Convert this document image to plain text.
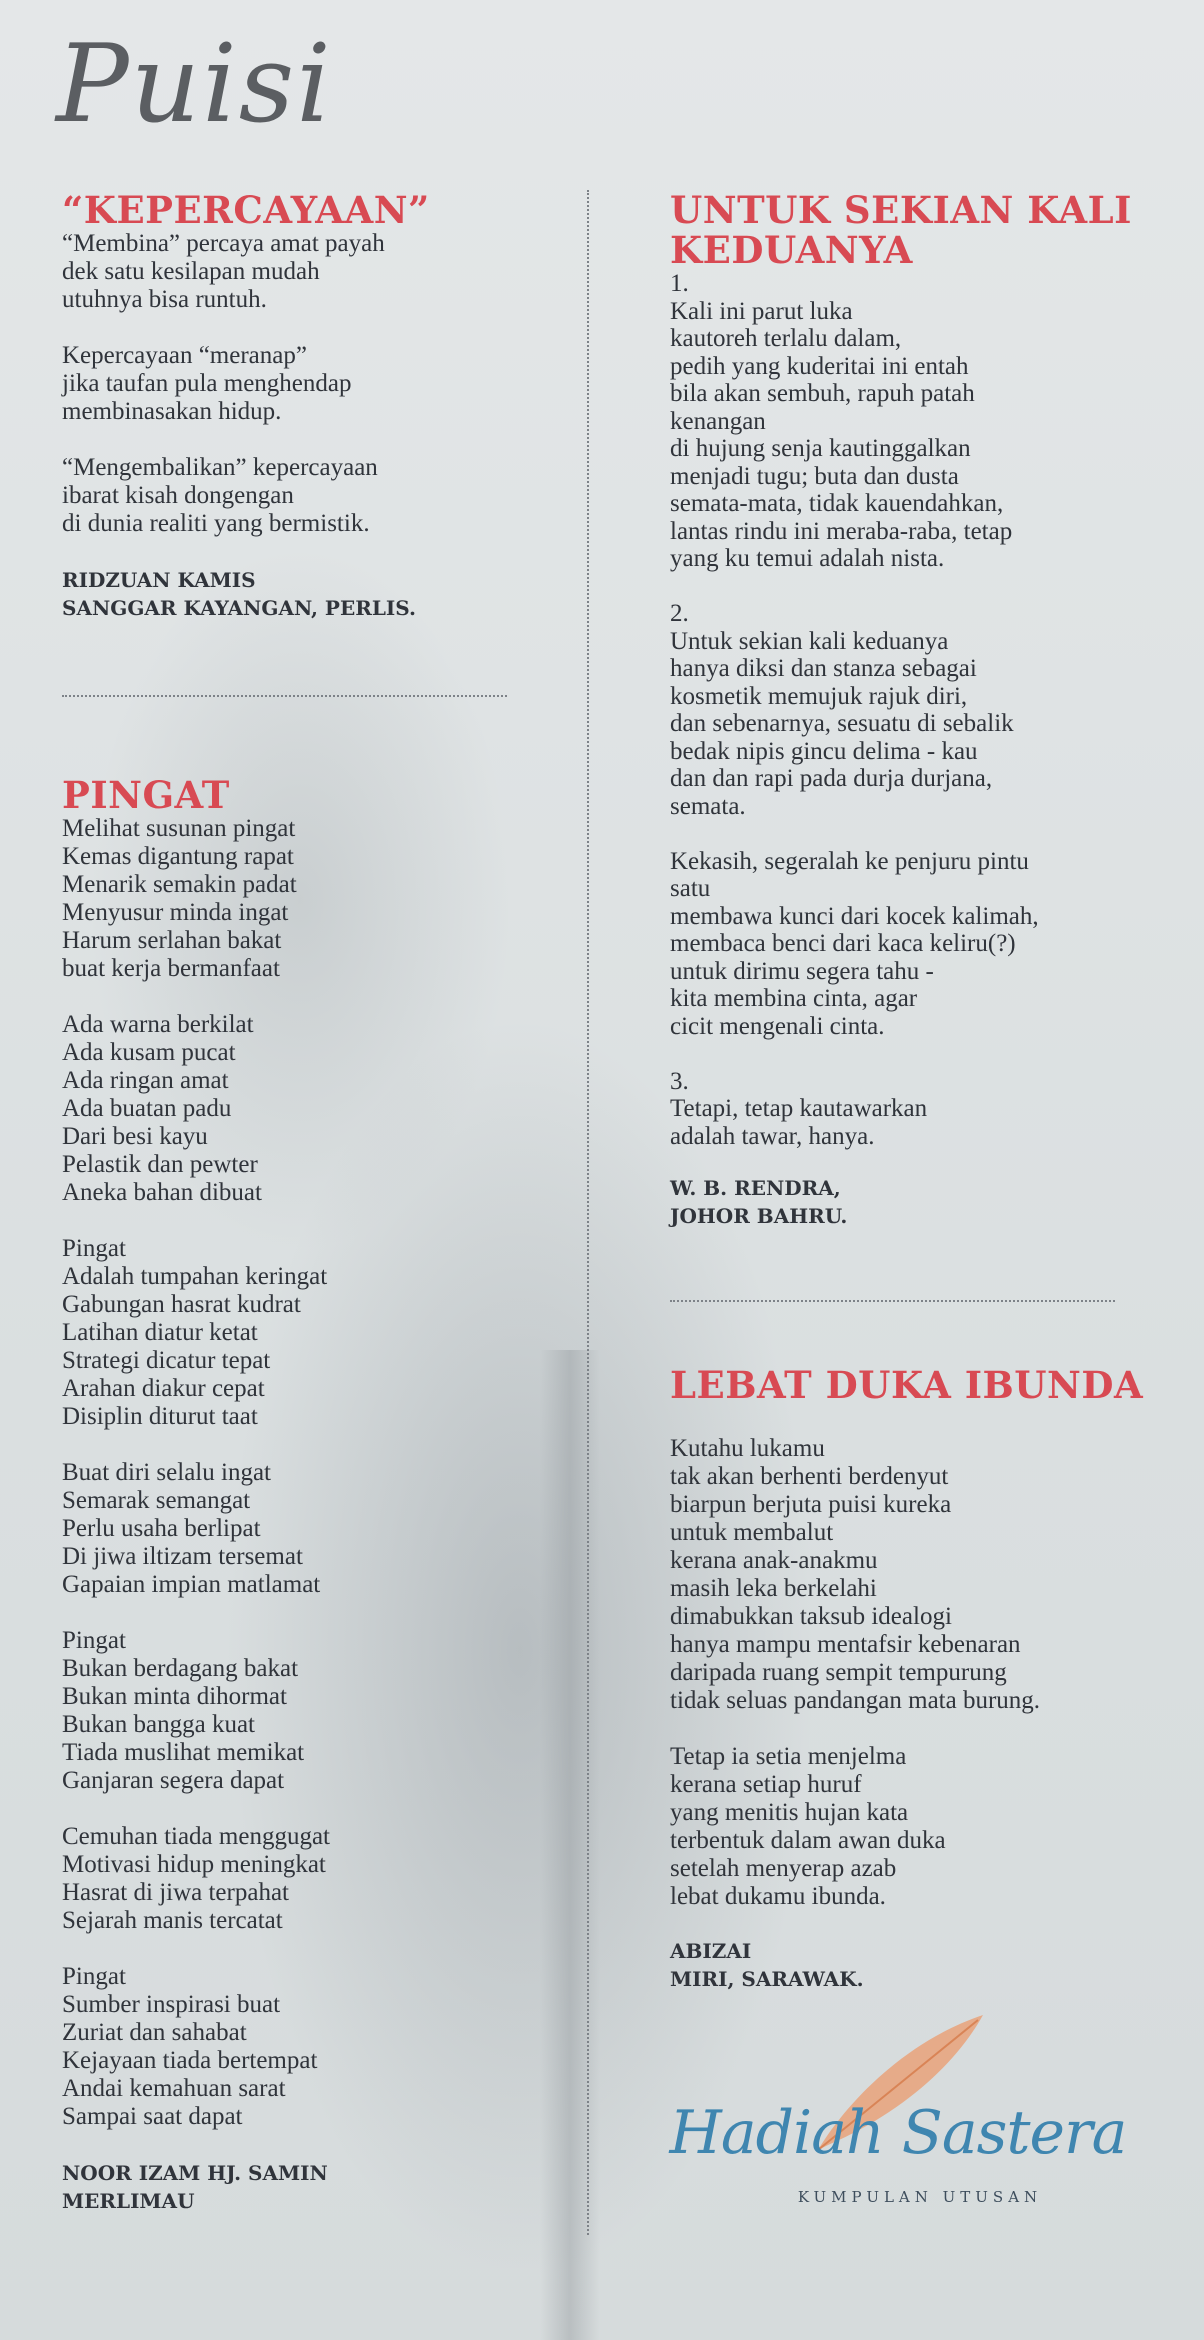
Puisi
“KEPERCAYAAN”

“Membina” percaya amat payah
dek satu kesilapan mudah
utuhnya bisa runtuh.

Kepercayaan “meranap”
jika taufan pula menghendap
membinasakan hidup.

“Mengembalikan” kepercayaan
ibarat kisah dongengan
di dunia realiti yang bermistik.

RIDZUAN KAMIS
SANGGAR KAYANGAN, PERLIS.

PINGAT

Melihat susunan pingat
Kemas digantung rapat
Menarik semakin padat
Menyusur minda ingat
Harum serlahan bakat
buat kerja bermanfaat

Ada warna berkilat
Ada kusam pucat
Ada ringan amat
Ada buatan padu
Dari besi kayu
Pelastik dan pewter
Aneka bahan dibuat

Pingat
Adalah tumpahan keringat
Gabungan hasrat kudrat
Latihan diatur ketat
Strategi dicatur tepat
Arahan diakur cepat
Disiplin diturut taat

Buat diri selalu ingat
Semarak semangat
Perlu usaha berlipat
Di jiwa iltizam tersemat
Gapaian impian matlamat

Pingat
Bukan berdagang bakat
Bukan minta dihormat
Bukan bangga kuat
Tiada muslihat memikat
Ganjaran segera dapat

Cemuhan tiada menggugat
Motivasi hidup meningkat
Hasrat di jiwa terpahat
Sejarah manis tercatat

Pingat
Sumber inspirasi buat
Zuriat dan sahabat
Kejayaan tiada bertempat
Andai kemahuan sarat
Sampai saat dapat

NOOR IZAM HJ. SAMIN
MERLIMAU

UNTUK SEKIAN KALI KEDUANYA

1.
Kali ini parut luka
kautoreh terlalu dalam,
pedih yang kuderitai ini entah
bila akan sembuh, rapuh patah
kenangan
di hujung senja kautinggalkan
menjadi tugu; buta dan dusta
semata-mata, tidak kauendahkan,
lantas rindu ini meraba-raba, tetap
yang ku temui adalah nista.

2.
Untuk sekian kali keduanya
hanya diksi dan stanza sebagai
kosmetik memujuk rajuk diri,
dan sebenarnya, sesuatu di sebalik
bedak nipis gincu delima - kau
dan dan rapi pada durja durjana,
semata.

Kekasih, segeralah ke penjuru pintu
satu
membawa kunci dari kocek kalimah,
membaca benci dari kaca keliru(?)
untuk dirimu segera tahu -
kita membina cinta, agar
cicit mengenali cinta.

3.
Tetapi, tetap kautawarkan
adalah tawar, hanya.

W. B. RENDRA,
JOHOR BAHRU.

LEBAT DUKA IBUNDA

Kutahu lukamu
tak akan berhenti berdenyut
biarpun berjuta puisi kureka
untuk membalut
kerana anak-anakmu
masih leka berkelahi
dimabukkan taksub idealogi
hanya mampu mentafsir kebenaran
daripada ruang sempit tempurung
tidak seluas pandangan mata burung.

Tetap ia setia menjelma
kerana setiap huruf
yang menitis hujan kata
terbentuk dalam awan duka
setelah menyerap azab
lebat dukamu ibunda.

ABIZAI
MIRI, SARAWAK.

Hadiah Sastera
KUMPULAN UTUSAN
